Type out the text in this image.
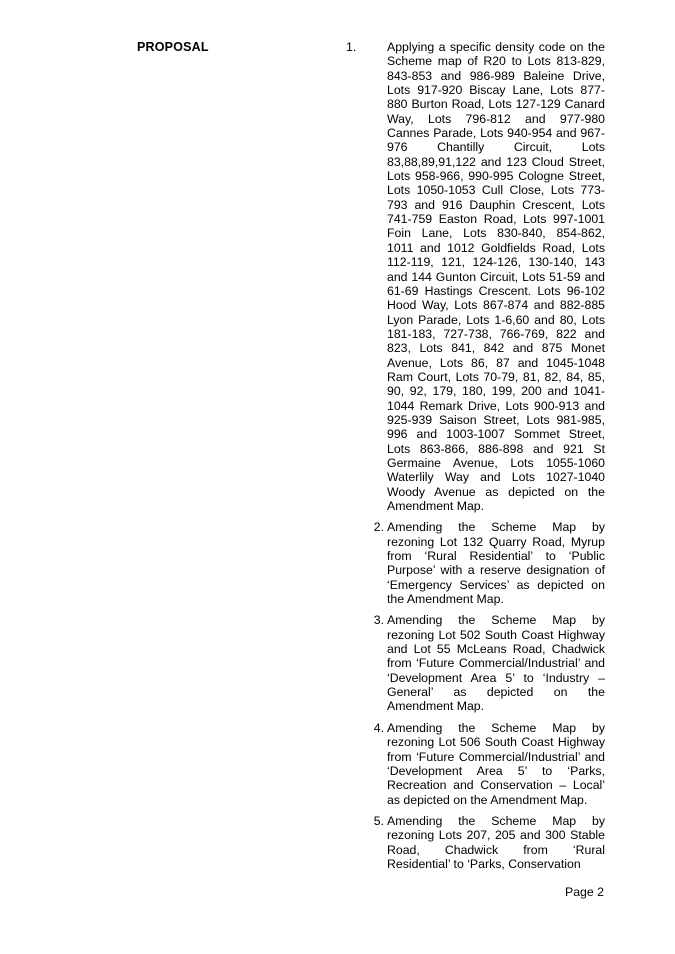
PROPOSAL	1.	Applying a specific density code on the Scheme map of R20 to Lots 813-829, 843-853 and 986-989 Baleine Drive, Lots 917-920 Biscay Lane, Lots 877-880 Burton Road, Lots 127-129 Canard Way, Lots 796-812 and 977-980 Cannes Parade, Lots 940-954 and 967-976 Chantilly Circuit, Lots 83,88,89,91,122 and 123 Cloud Street, Lots 958-966, 990-995 Cologne Street, Lots 1050-1053 Cull Close, Lots 773-793 and 916 Dauphin Crescent, Lots 741-759 Easton Road, Lots 997-1001 Foin Lane, Lots 830-840, 854-862, 1011 and 1012 Goldfields Road, Lots 112-119, 121, 124-126, 130-140, 143 and 144 Gunton Circuit, Lots 51-59 and 61-69 Hastings Crescent. Lots 96-102 Hood Way, Lots 867-874 and 882-885 Lyon Parade, Lots 1-6,60 and 80, Lots 181-183, 727-738, 766-769, 822 and 823, Lots 841, 842 and 875 Monet Avenue, Lots 86, 87 and 1045-1048 Ram Court, Lots 70-79, 81, 82, 84, 85, 90, 92, 179, 180, 199, 200 and 1041-1044 Remark Drive, Lots 900-913 and 925-939 Saison Street, Lots 981-985, 996 and 1003-1007 Sommet Street, Lots 863-866, 886-898 and 921 St Germaine Avenue, Lots 1055-1060 Waterlily Way and Lots 1027-1040 Woody Avenue as depicted on the Amendment Map.
2. Amending the Scheme Map by rezoning Lot 132 Quarry Road, Myrup from ‘Rural Residential’ to ‘Public Purpose’ with a reserve designation of ‘Emergency Services’ as depicted on the Amendment Map.
3. Amending the Scheme Map by rezoning Lot 502 South Coast Highway and Lot 55 McLeans Road, Chadwick from ‘Future Commercial/Industrial’ and ‘Development Area 5’ to ‘Industry – General’ as depicted on the Amendment Map.
4. Amending the Scheme Map by rezoning Lot 506 South Coast Highway from ‘Future Commercial/Industrial’ and ‘Development Area 5’ to ‘Parks, Recreation and Conservation – Local’ as depicted on the Amendment Map.
5. Amending the Scheme Map by rezoning Lots 207, 205 and 300 Stable Road, Chadwick from ‘Rural Residential’ to ‘Parks, Conservation
Page 2
